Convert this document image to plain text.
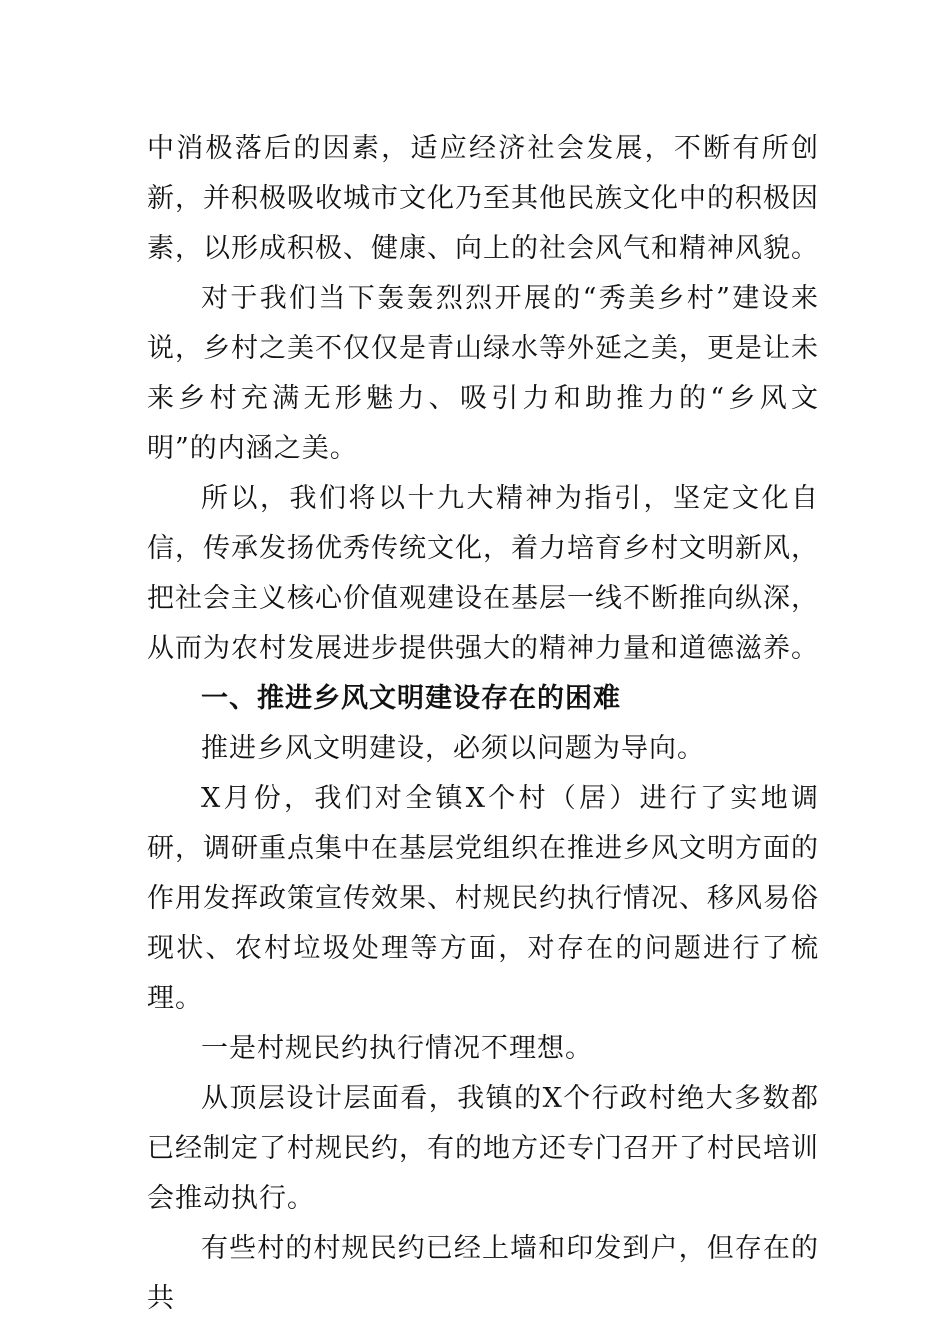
中消极落后的因素，适应经济社会发展，不断有所创新，并积极吸收城市文化乃至其他民族文化中的积极因素，以形成积极、健康、向上的社会风气和精神风貌。

对于我们当下轰轰烈烈开展的“秀美乡村”建设来说，乡村之美不仅仅是青山绿水等外延之美，更是让未来乡村充满无形魅力、吸引力和助推力的“乡风文明”的内涵之美。

所以，我们将以十九大精神为指引，坚定文化自信，传承发扬优秀传统文化，着力培育乡村文明新风，把社会主义核心价值观建设在基层一线不断推向纵深，从而为农村发展进步提供强大的精神力量和道德滋养。

一、推进乡风文明建设存在的困难

推进乡风文明建设，必须以问题为导向。

X月份，我们对全镇X个村（居）进行了实地调研，调研重点集中在基层党组织在推进乡风文明方面的作用发挥政策宣传效果、村规民约执行情况、移风易俗现状、农村垃圾处理等方面，对存在的问题进行了梳理。

一是村规民约执行情况不理想。

从顶层设计层面看，我镇的X个行政村绝大多数都已经制定了村规民约，有的地方还专门召开了村民培训会推动执行。

有些村的村规民约已经上墙和印发到户，但存在的共
